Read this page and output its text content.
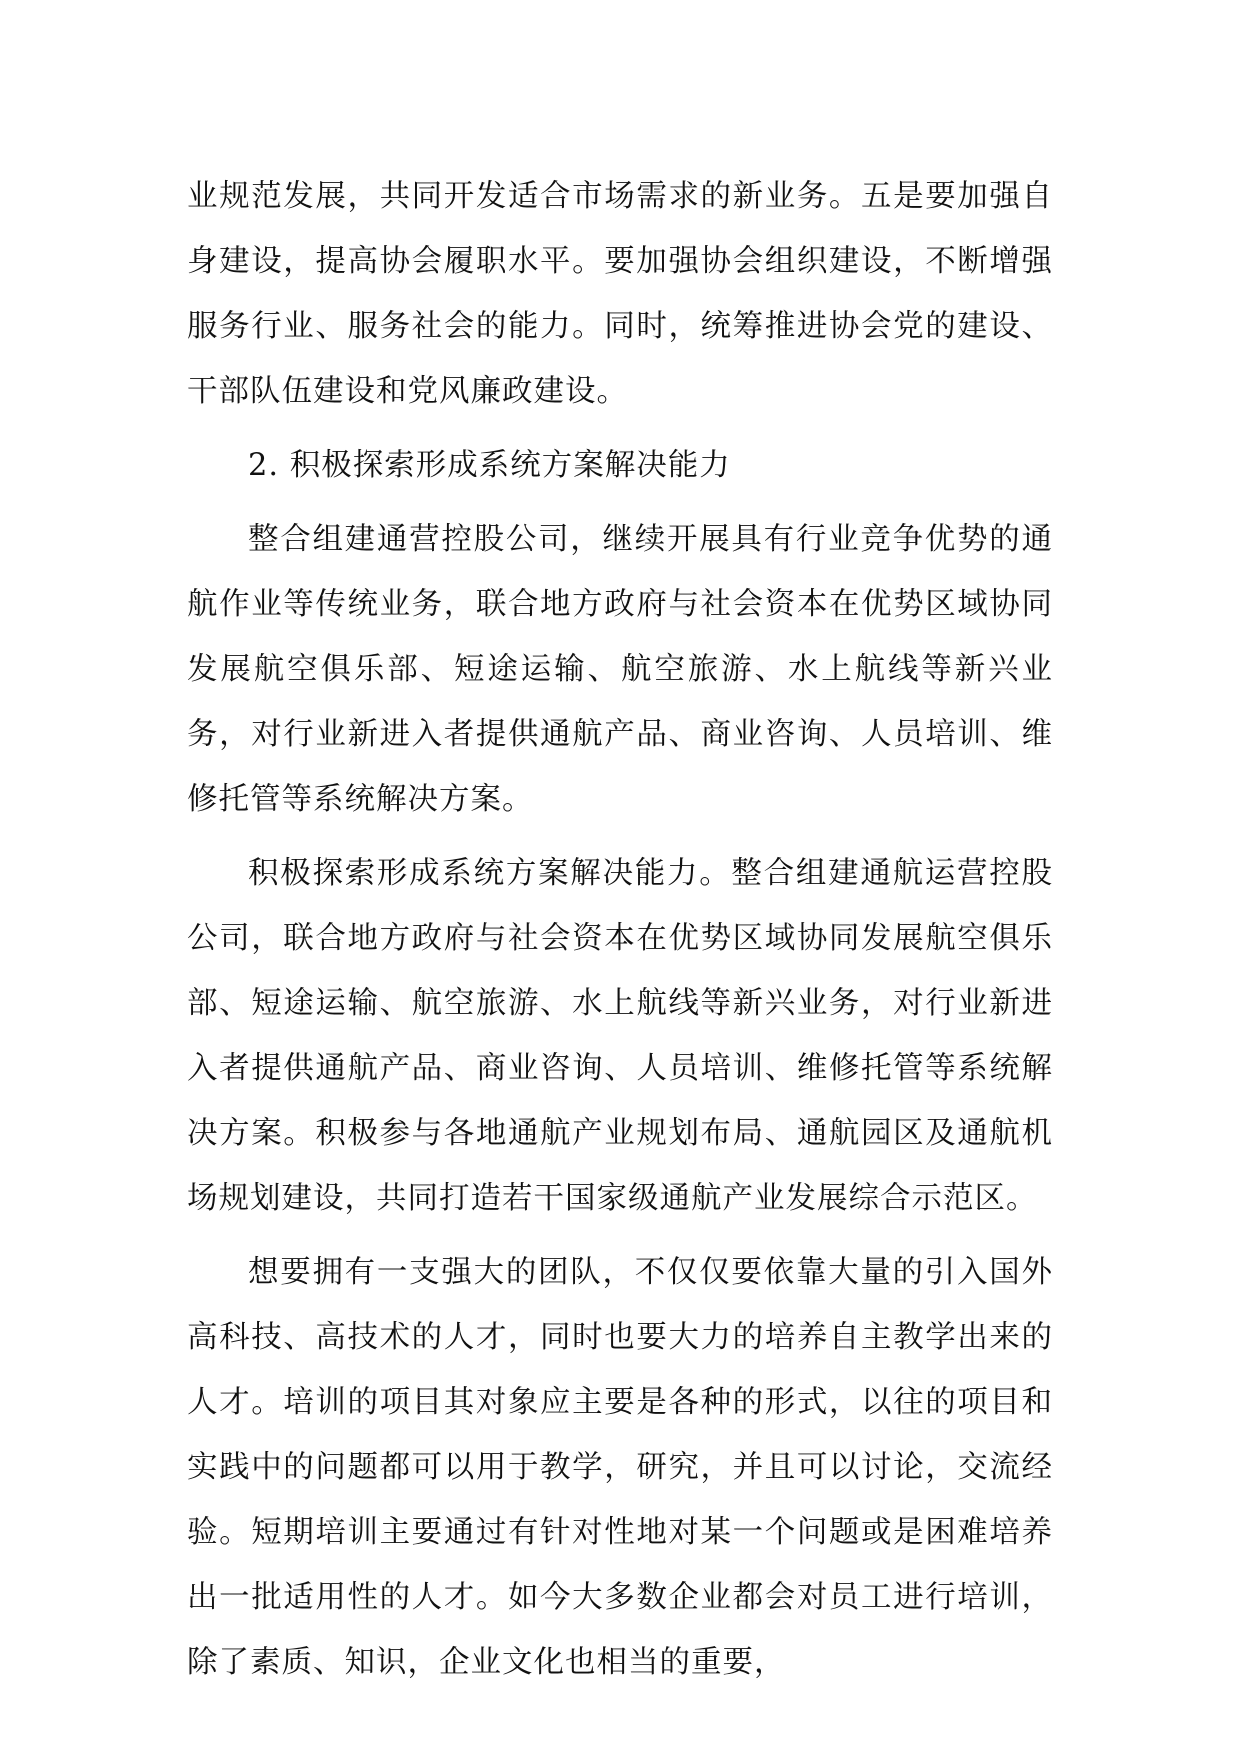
业规范发展，共同开发适合市场需求的新业务。五是要加强自身建设，提高协会履职水平。要加强协会组织建设，不断增强服务行业、服务社会的能力。同时，统筹推进协会党的建设、干部队伍建设和党风廉政建设。

2. 积极探索形成系统方案解决能力

整合组建通营控股公司，继续开展具有行业竞争优势的通航作业等传统业务，联合地方政府与社会资本在优势区域协同发展航空俱乐部、短途运输、航空旅游、水上航线等新兴业务，对行业新进入者提供通航产品、商业咨询、人员培训、维修托管等系统解决方案。

积极探索形成系统方案解决能力。整合组建通航运营控股公司，联合地方政府与社会资本在优势区域协同发展航空俱乐部、短途运输、航空旅游、水上航线等新兴业务，对行业新进入者提供通航产品、商业咨询、人员培训、维修托管等系统解决方案。积极参与各地通航产业规划布局、通航园区及通航机场规划建设，共同打造若干国家级通航产业发展综合示范区。

想要拥有一支强大的团队，不仅仅要依靠大量的引入国外高科技、高技术的人才，同时也要大力的培养自主教学出来的人才。培训的项目其对象应主要是各种的形式，以往的项目和实践中的问题都可以用于教学，研究，并且可以讨论，交流经验。短期培训主要通过有针对性地对某一个问题或是困难培养出一批适用性的人才。如今大多数企业都会对员工进行培训，除了素质、知识，企业文化也相当的重要，
